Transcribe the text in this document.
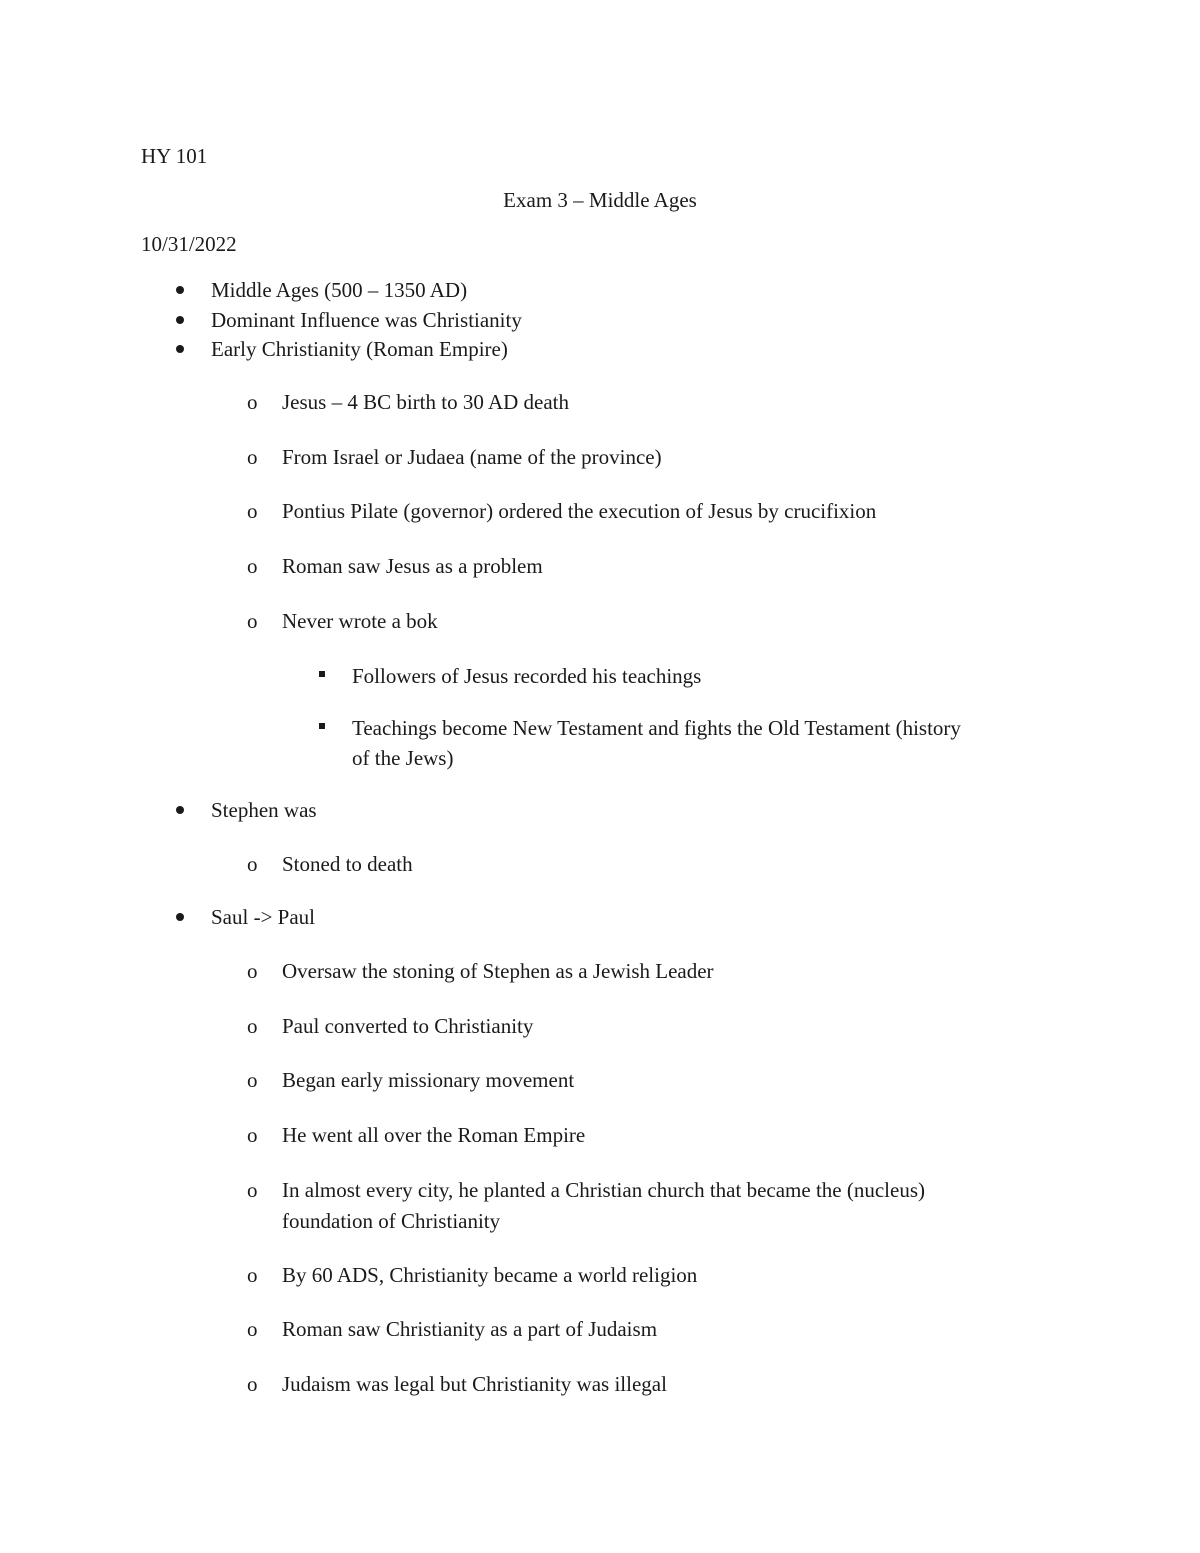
HY 101
Exam 3 – Middle Ages
10/31/2022
Middle Ages (500 – 1350 AD)
Dominant Influence was Christianity
Early Christianity (Roman Empire)
o Jesus – 4 BC birth to 30 AD death
o From Israel or Judaea (name of the province)
o Pontius Pilate (governor) ordered the execution of Jesus by crucifixion
o Roman saw Jesus as a problem
o Never wrote a bok
Followers of Jesus recorded his teachings
Teachings become New Testament and fights the Old Testament (history
of the Jews)
Stephen was
o Stoned to death
Saul -> Paul
o Oversaw the stoning of Stephen as a Jewish Leader
o Paul converted to Christianity
o Began early missionary movement
o He went all over the Roman Empire
o In almost every city, he planted a Christian church that became the (nucleus)
foundation of Christianity
o By 60 ADS, Christianity became a world religion
o Roman saw Christianity as a part of Judaism
o Judaism was legal but Christianity was illegal
